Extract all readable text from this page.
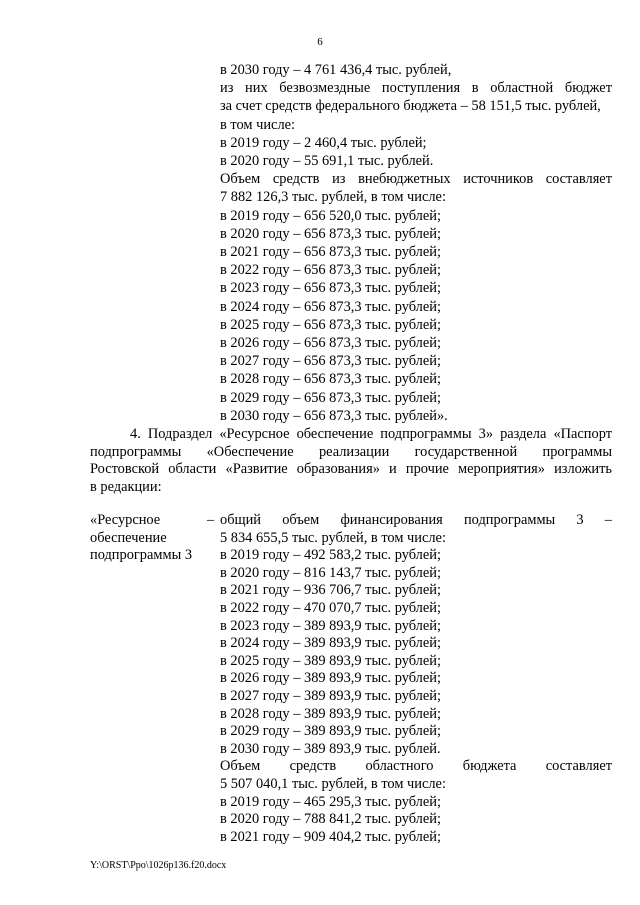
6
в 2030 году – 4 761 436,4 тыс. рублей,
из них безвозмездные поступления в областной бюджет
за счет средств федерального бюджета – 58 151,5 тыс. рублей,
в том числе:
в 2019 году – 2 460,4 тыс. рублей;
в 2020 году – 55 691,1 тыс. рублей.
Объем средств из внебюджетных источников составляет
7 882 126,3 тыс. рублей, в том числе:
в 2019 году – 656 520,0 тыс. рублей;
в 2020 году – 656 873,3 тыс. рублей;
в 2021 году – 656 873,3 тыс. рублей;
в 2022 году – 656 873,3 тыс. рублей;
в 2023 году – 656 873,3 тыс. рублей;
в 2024 году – 656 873,3 тыс. рублей;
в 2025 году – 656 873,3 тыс. рублей;
в 2026 году – 656 873,3 тыс. рублей;
в 2027 году – 656 873,3 тыс. рублей;
в 2028 году – 656 873,3 тыс. рублей;
в 2029 году – 656 873,3 тыс. рублей;
в 2030 году – 656 873,3 тыс. рублей».
4. Подраздел «Ресурсное обеспечение подпрограммы 3» раздела «Паспорт
подпрограммы «Обеспечение реализации государственной программы
Ростовской области «Развитие образования» и прочие мероприятия» изложить
в редакции:
«Ресурсное
обеспечение
подпрограммы 3
– общий объем финансирования подпрограммы 3 –
5 834 655,5 тыс. рублей, в том числе:
в 2019 году – 492 583,2 тыс. рублей;
в 2020 году – 816 143,7 тыс. рублей;
в 2021 году – 936 706,7 тыс. рублей;
в 2022 году – 470 070,7 тыс. рублей;
в 2023 году – 389 893,9 тыс. рублей;
в 2024 году – 389 893,9 тыс. рублей;
в 2025 году – 389 893,9 тыс. рублей;
в 2026 году – 389 893,9 тыс. рублей;
в 2027 году – 389 893,9 тыс. рублей;
в 2028 году – 389 893,9 тыс. рублей;
в 2029 году – 389 893,9 тыс. рублей;
в 2030 году – 389 893,9 тыс. рублей.
Объем средств областного бюджета составляет
5 507 040,1 тыс. рублей, в том числе:
в 2019 году – 465 295,3 тыс. рублей;
в 2020 году – 788 841,2 тыс. рублей;
в 2021 году – 909 404,2 тыс. рублей;
Y:\ORST\Ppo\1026p136.f20.docx
